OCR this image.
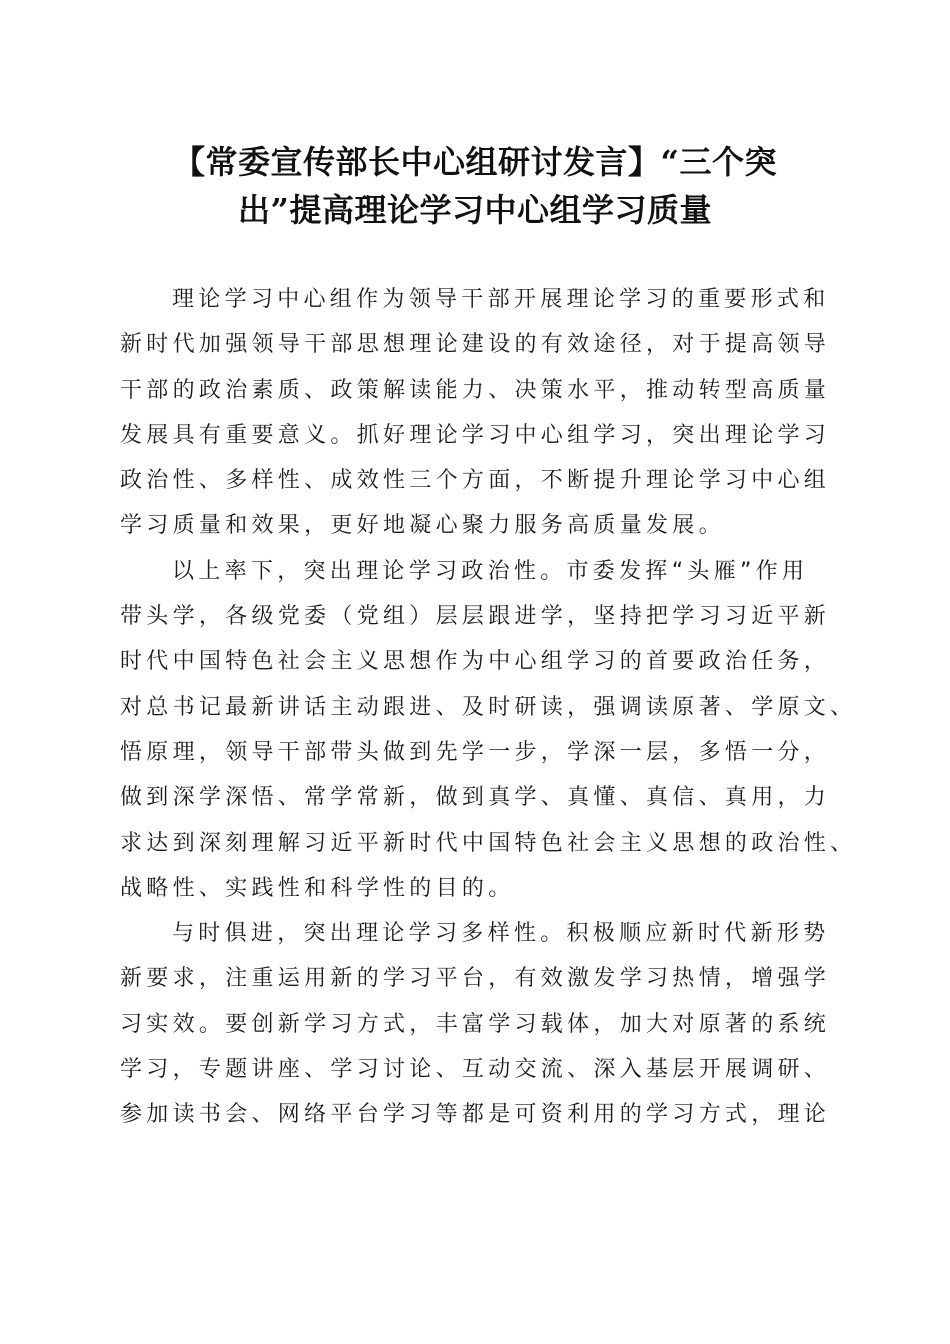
【常委宣传部长中心组研讨发言】“三个突
出”提高理论学习中心组学习质量
理论学习中心组作为领导干部开展理论学习的重要形式和
新时代加强领导干部思想理论建设的有效途径，对于提高领导
干部的政治素质、政策解读能力、决策水平，推动转型高质量
发展具有重要意义。抓好理论学习中心组学习，突出理论学习
政治性、多样性、成效性三个方面，不断提升理论学习中心组
学习质量和效果，更好地凝心聚力服务高质量发展。
以上率下，突出理论学习政治性。市委发挥“头雁”作用
带头学，各级党委（党组）层层跟进学，坚持把学习习近平新
时代中国特色社会主义思想作为中心组学习的首要政治任务，
对总书记最新讲话主动跟进、及时研读，强调读原著、学原文、
悟原理，领导干部带头做到先学一步，学深一层，多悟一分，
做到深学深悟、常学常新，做到真学、真懂、真信、真用，力
求达到深刻理解习近平新时代中国特色社会主义思想的政治性、
战略性、实践性和科学性的目的。
与时俱进，突出理论学习多样性。积极顺应新时代新形势
新要求，注重运用新的学习平台，有效激发学习热情，增强学
习实效。要创新学习方式，丰富学习载体，加大对原著的系统
学习，专题讲座、学习讨论、互动交流、深入基层开展调研、
参加读书会、网络平台学习等都是可资利用的学习方式，理论
